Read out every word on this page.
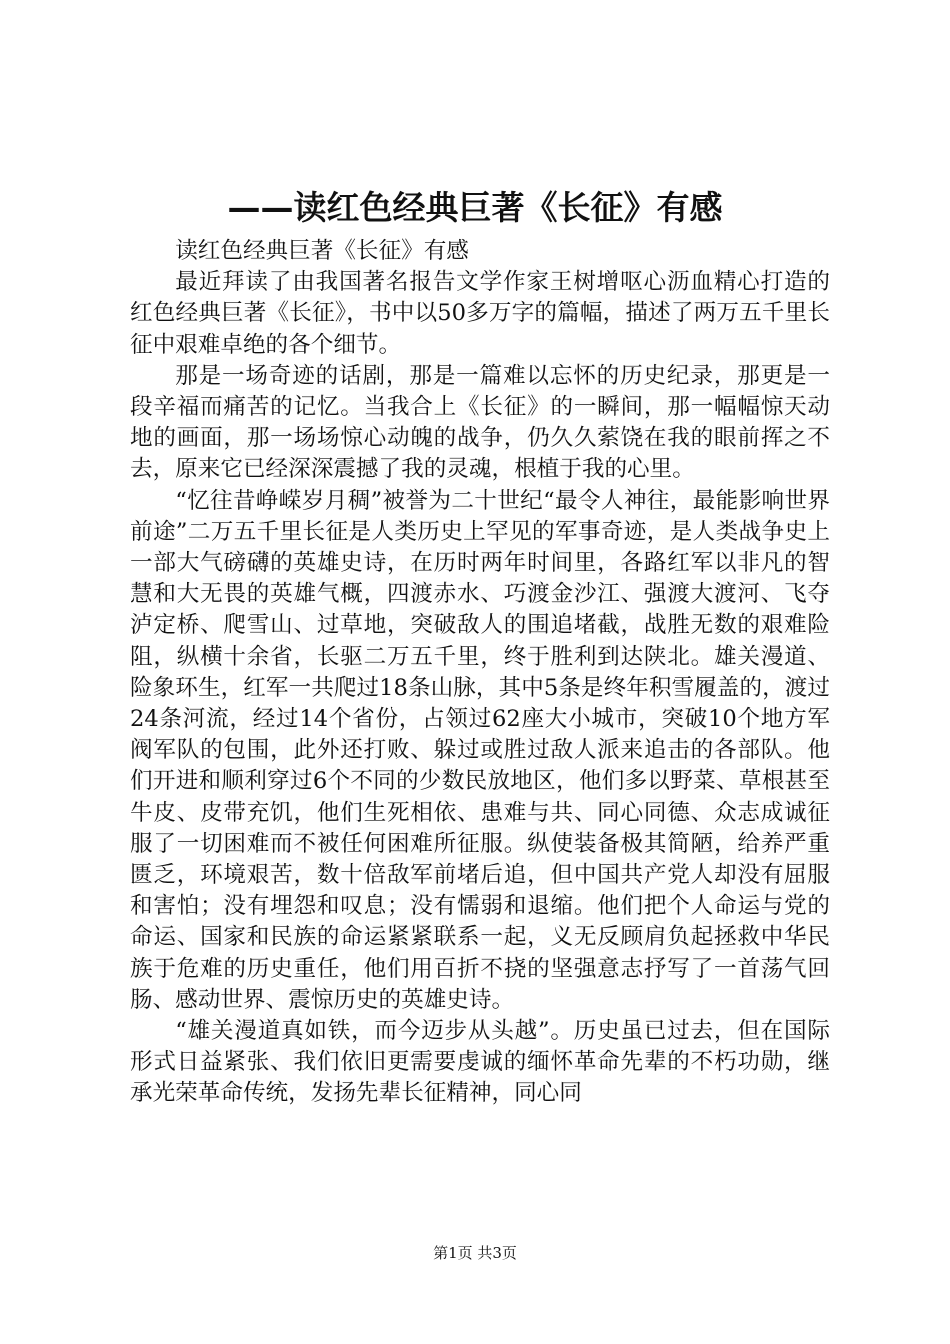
——读红色经典巨著《长征》有感

读红色经典巨著《长征》有感

最近拜读了由我国著名报告文学作家王树增呕心沥血精心打造的红色经典巨著《长征》，书中以50多万字的篇幅，描述了两万五千里长征中艰难卓绝的各个细节。

那是一场奇迹的话剧，那是一篇难以忘怀的历史纪录，那更是一段辛福而痛苦的记忆。当我合上《长征》的一瞬间，那一幅幅惊天动地的画面，那一场场惊心动魄的战争，仍久久萦饶在我的眼前挥之不去，原来它已经深深震撼了我的灵魂，根植于我的心里。

“忆往昔峥嵘岁月稠”被誉为二十世纪“最令人神往，最能影响世界前途”二万五千里长征是人类历史上罕见的军事奇迹，是人类战争史上一部大气磅礴的英雄史诗，在历时两年时间里，各路红军以非凡的智慧和大无畏的英雄气概，四渡赤水、巧渡金沙江、强渡大渡河、飞夺泸定桥、爬雪山、过草地，突破敌人的围追堵截，战胜无数的艰难险阻，纵横十余省，长驱二万五千里，终于胜利到达陕北。雄关漫道、险象环生，红军一共爬过18条山脉，其中5条是终年积雪履盖的，渡过24条河流，经过14个省份，占领过62座大小城市，突破10个地方军阀军队的包围，此外还打败、躲过或胜过敌人派来追击的各部队。他们开进和顺利穿过6个不同的少数民放地区，他们多以野菜、草根甚至牛皮、皮带充饥，他们生死相依、患难与共、同心同德、众志成诚征服了一切困难而不被任何困难所征服。纵使装备极其简陋，给养严重匮乏，环境艰苦，数十倍敌军前堵后追，但中国共产党人却没有屈服和害怕；没有埋怨和叹息；没有懦弱和退缩。他们把个人命运与党的命运、国家和民族的命运紧紧联系一起，义无反顾肩负起拯救中华民族于危难的历史重任，他们用百折不挠的坚强意志抒写了一首荡气回肠、感动世界、震惊历史的英雄史诗。

“雄关漫道真如铁，而今迈步从头越”。历史虽已过去，但在国际形式日益紧张、我们依旧更需要虔诚的缅怀革命先辈的不朽功勋，继承光荣革命传统，发扬先辈长征精神，同心同

第1页 共3页
